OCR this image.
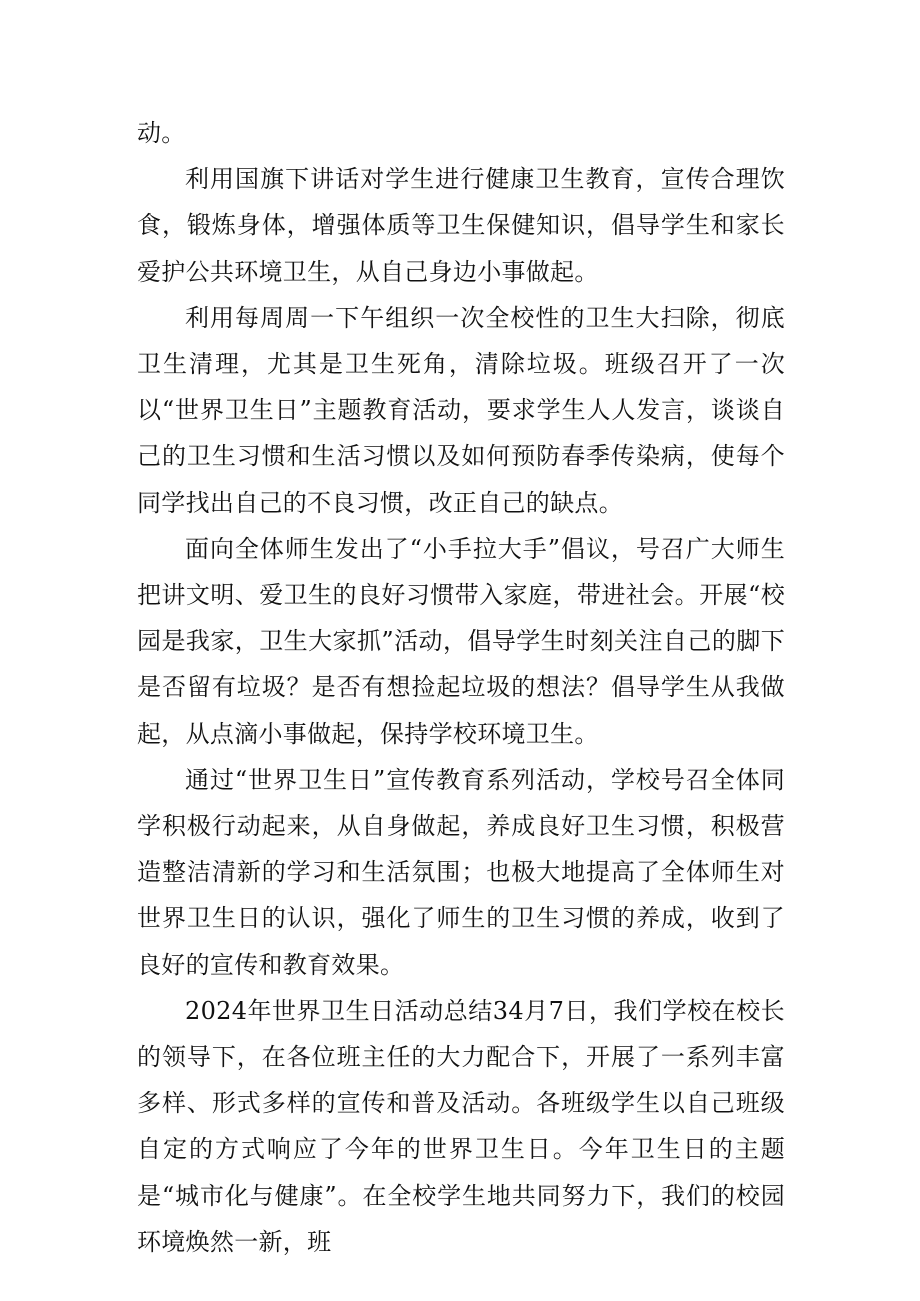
动。

利用国旗下讲话对学生进行健康卫生教育，宣传合理饮食，锻炼身体，增强体质等卫生保健知识，倡导学生和家长爱护公共环境卫生，从自己身边小事做起。

利用每周周一下午组织一次全校性的卫生大扫除，彻底卫生清理，尤其是卫生死角，清除垃圾。班级召开了一次以“世界卫生日”主题教育活动，要求学生人人发言，谈谈自己的卫生习惯和生活习惯以及如何预防春季传染病，使每个同学找出自己的不良习惯，改正自己的缺点。

面向全体师生发出了“小手拉大手”倡议，号召广大师生把讲文明、爱卫生的良好习惯带入家庭，带进社会。开展“校园是我家，卫生大家抓”活动，倡导学生时刻关注自己的脚下是否留有垃圾？是否有想捡起垃圾的想法？倡导学生从我做起，从点滴小事做起，保持学校环境卫生。

通过“世界卫生日”宣传教育系列活动，学校号召全体同学积极行动起来，从自身做起，养成良好卫生习惯，积极营造整洁清新的学习和生活氛围；也极大地提高了全体师生对世界卫生日的认识，强化了师生的卫生习惯的养成，收到了良好的宣传和教育效果。

2024年世界卫生日活动总结34月7日，我们学校在校长的领导下，在各位班主任的大力配合下，开展了一系列丰富多样、形式多样的宣传和普及活动。各班级学生以自己班级自定的方式响应了今年的世界卫生日。今年卫生日的主题是“城市化与健康”。在全校学生地共同努力下，我们的校园环境焕然一新，班
